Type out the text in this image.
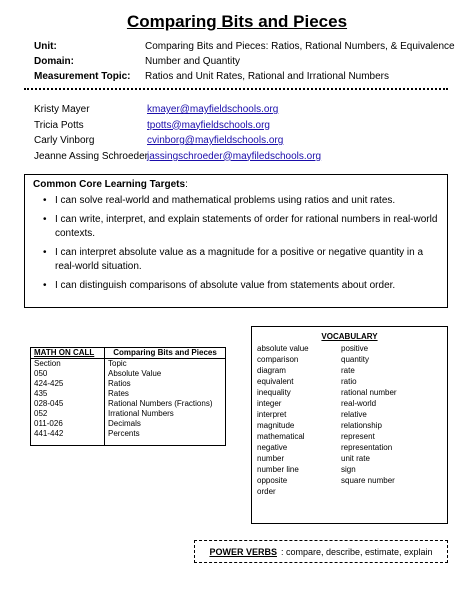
Comparing Bits and Pieces
Unit:	Comparing Bits and Pieces: Ratios, Rational Numbers, & Equivalence
Domain:	Number and Quantity
Measurement Topic:	Ratios and Unit Rates, Rational and Irrational Numbers
Kristy Mayer	kmayer@mayfieldschools.org
Tricia Potts	tpotts@mayfieldschools.org
Carly Vinborg	cvinborg@mayfieldschools.org
Jeanne Assing Schroeder jassingschroeder@mayfiledschools.org
Common Core Learning Targets:
• I can solve real-world and mathematical problems using ratios and unit rates.
• I can write, interpret, and explain statements of order for rational numbers in real-world contexts.
• I can interpret absolute value as a magnitude for a positive or negative quantity in a real-world situation.
• I can distinguish comparisons of absolute value from statements about order.
MATH ON CALL	Comparing Bits and Pieces
Section	Topic
050	Absolute Value
424-425	Ratios
435	Rates
028-045	Rational Numbers (Fractions)
052	Irrational Numbers
011-026	Decimals
441-442	Percents

VOCABULARY
absolute value
comparison
diagram
equivalent
inequality
integer
interpret
magnitude
mathematical
negative
number
number line
opposite
order
positive
quantity
rate
ratio
rational number
real-world
relative
relationship
represent
representation
unit rate
sign
square number
POWER VERBS : compare, describe, estimate, explain
